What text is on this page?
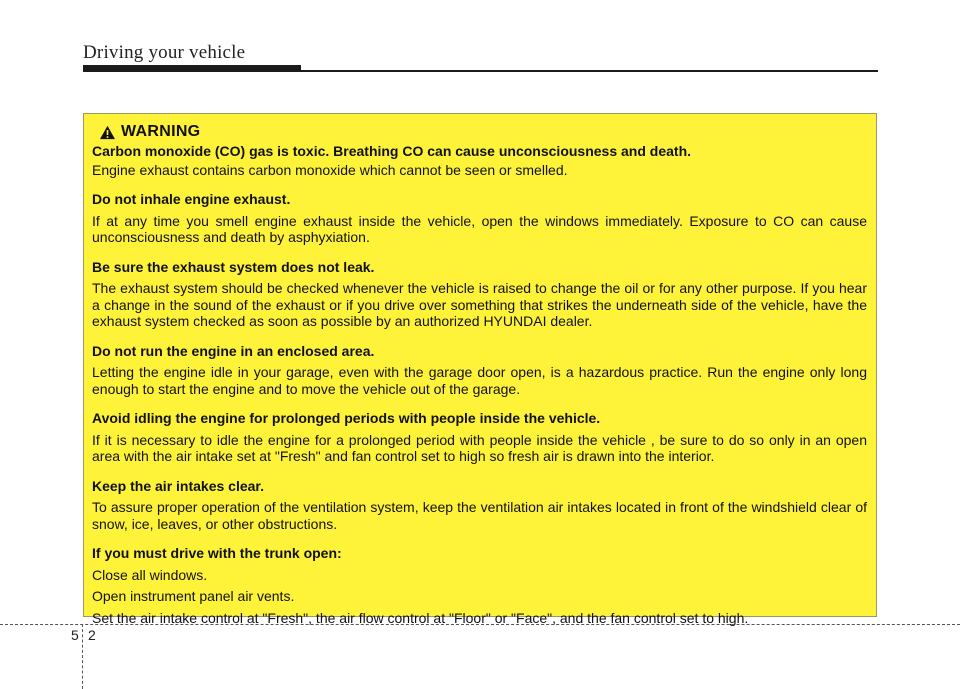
Driving your vehicle
WARNING

Carbon monoxide (CO) gas is toxic. Breathing CO can cause unconsciousness and death.

Engine exhaust contains carbon monoxide which cannot be seen or smelled.

Do not inhale engine exhaust.

If at any time you smell engine exhaust inside the vehicle, open the windows immediately. Exposure to CO can cause unconsciousness and death by asphyxiation.

Be sure the exhaust system does not leak.

The exhaust system should be checked whenever the vehicle is raised to change the oil or for any other purpose. If you hear a change in the sound of the exhaust or if you drive over something that strikes the underneath side of the vehicle, have the exhaust system checked as soon as possible by an authorized HYUNDAI dealer.

Do not run the engine in an enclosed area.

Letting the engine idle in your garage, even with the garage door open, is a hazardous practice. Run the engine only long enough to start the engine and to move the vehicle out of the garage.

Avoid idling the engine for prolonged periods with people inside the vehicle.

If it is necessary to idle the engine for a prolonged period with people inside the vehicle , be sure to do so only in an open area with the air intake set at "Fresh" and fan control set to high so fresh air is drawn into the interior.

Keep the air intakes clear.

To assure proper operation of the ventilation system, keep the ventilation air intakes located in front of the windshield clear of snow, ice, leaves, or other obstructions.

If you must drive with the trunk open:

Close all windows.

Open instrument panel air vents.

Set the air intake control at "Fresh", the air flow control at "Floor" or "Face", and the fan control set to high.

5 2
